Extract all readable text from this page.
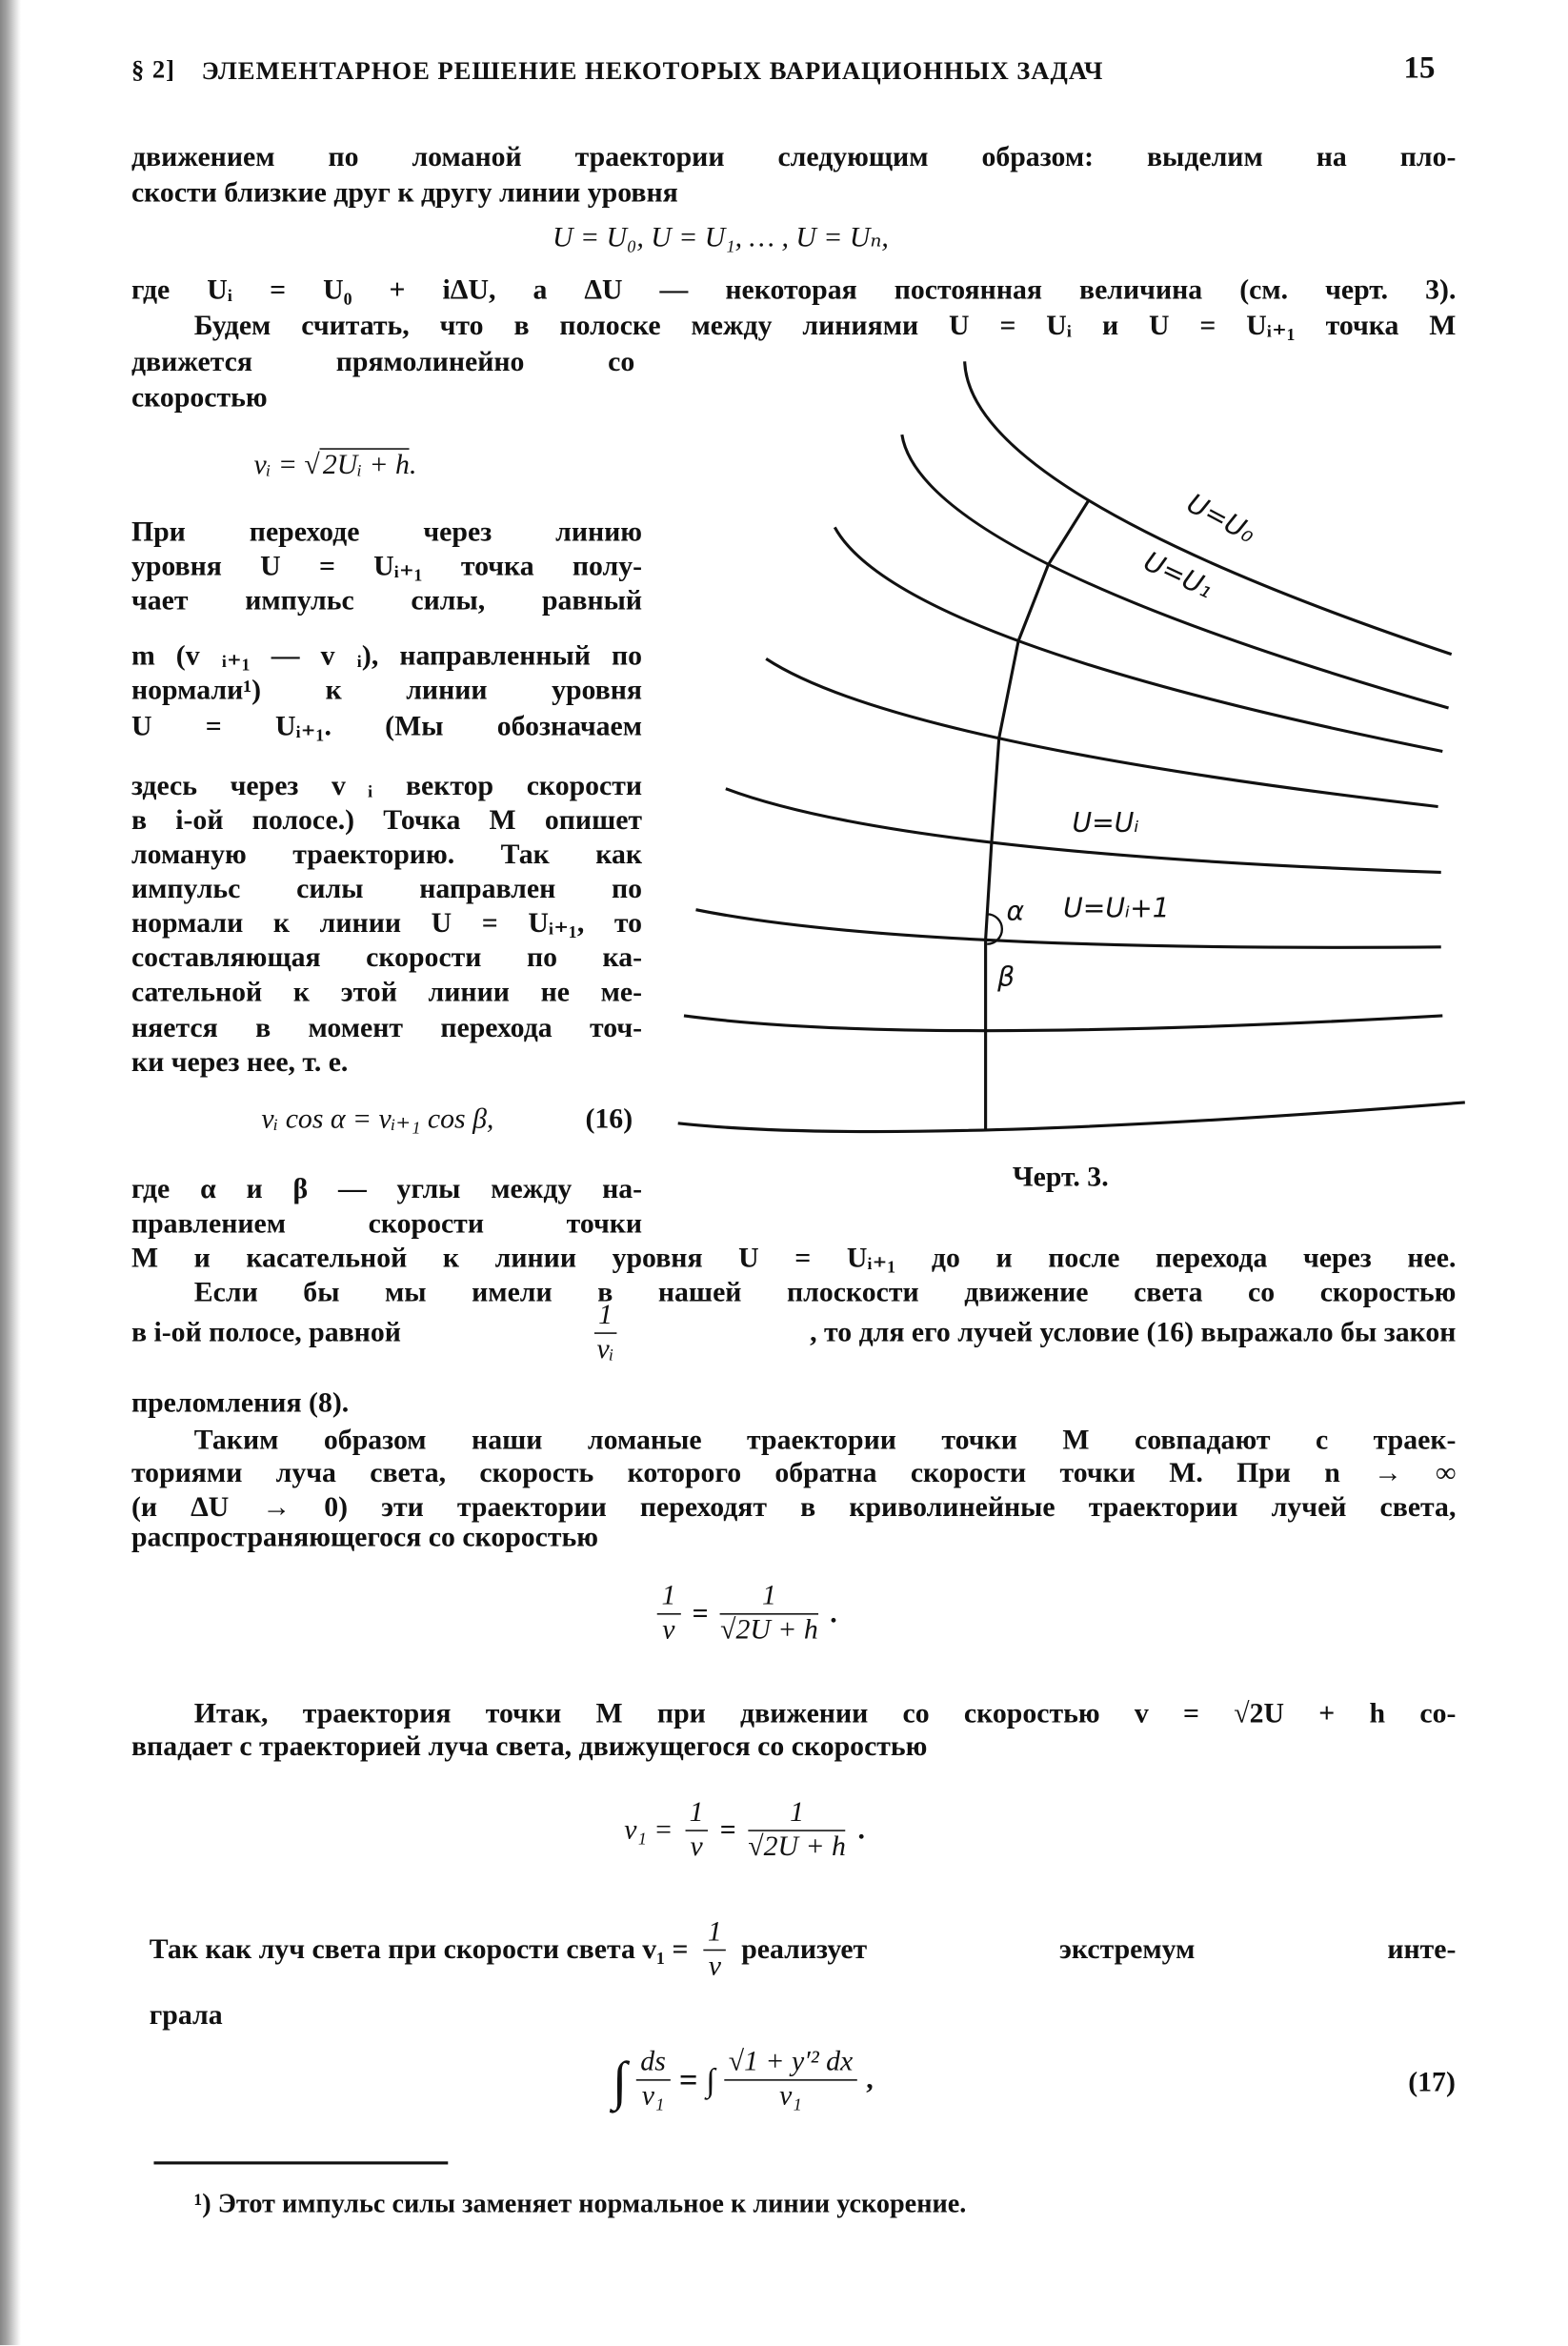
§ 2] ЭЛЕМЕНТАРНОЕ РЕШЕНИЕ НЕКОТОРЫХ ВАРИАЦИОННЫХ ЗАДАЧ	15
движением по ломаной траектории следующим образом: выделим на пло-
скости близкие друг к другу линии уровня
U = U₀, U = U₁, … , U = Uₙ,
где Uᵢ = U₀ + iΔU, а ΔU — некоторая постоянная величина (см. черт. 3).
Будем считать, что в полоске между линиями U = Uᵢ и U = Uᵢ₊₁ точка M
движется прямолинейно со
скоростью
vᵢ = √ 2Uᵢ + h.
При переходе через линию
уровня U = Uᵢ₊₁ точка полу-
чает импульс силы, равный
m (v⃗ᵢ₊₁ — v⃗ᵢ), направленный по
нормали¹) к линии уровня
U = Uᵢ₊₁. (Мы обозначаем
здесь через v⃗ᵢ вектор скорости
в i-ой полосе.) Точка M опишет
ломаную траекторию. Так как
импульс силы направлен по
нормали к линии U = Uᵢ₊₁, то
составляющая скорости по ка-
сательной к этой линии не ме-
няется в момент перехода точ-
ки через нее, т. е.
vᵢ cos α = vᵢ₊₁ cos β,	(16)
где α и β — углы между на-
правлением скорости точки
M и касательной к линии уровня U = Uᵢ₊₁ до и после перехода через нее.
Если бы мы имели в нашей плоскости движение света со скоростью
в i-ой полосе, равной	$\frac{1}{\text{vᵢ}}$	, то для его лучей условие (16) выражало бы закон
преломления (8).
Таким образом наши ломаные траектории точки M совпадают с траек-
ториями луча света, скорость которого обратна скорости точки M. При n → ∞
(и ΔU → 0) эти траектории переходят в криволинейные траектории лучей света,
распространяющегося со скоростью
$\frac{1}{v} = \frac{1}{√2U + h}$ .
Итак, траектория точки M при движении со скоростью v = √2U + h со-
впадает с траекторией луча света, движущегося со скоростью
$v_1 = \frac{1}{v} = \frac{1}{√2U + h}$ .
Так как луч света при скорости света $v_1 = \frac{1}{v}$ реализует экстремум инте-
грала
∫ $\frac{ds}{\text{v₁}}$ = ∫ $\frac{\text{√1 + y′² dx}}{\text{v₁}}$ ,	(17)
¹) Этот импульс силы заменяет нормальное к линии ускорение.
U=U₀
U=U₁
U=Uᵢ
U=Uᵢ+1
α
β
Черт. 3.
